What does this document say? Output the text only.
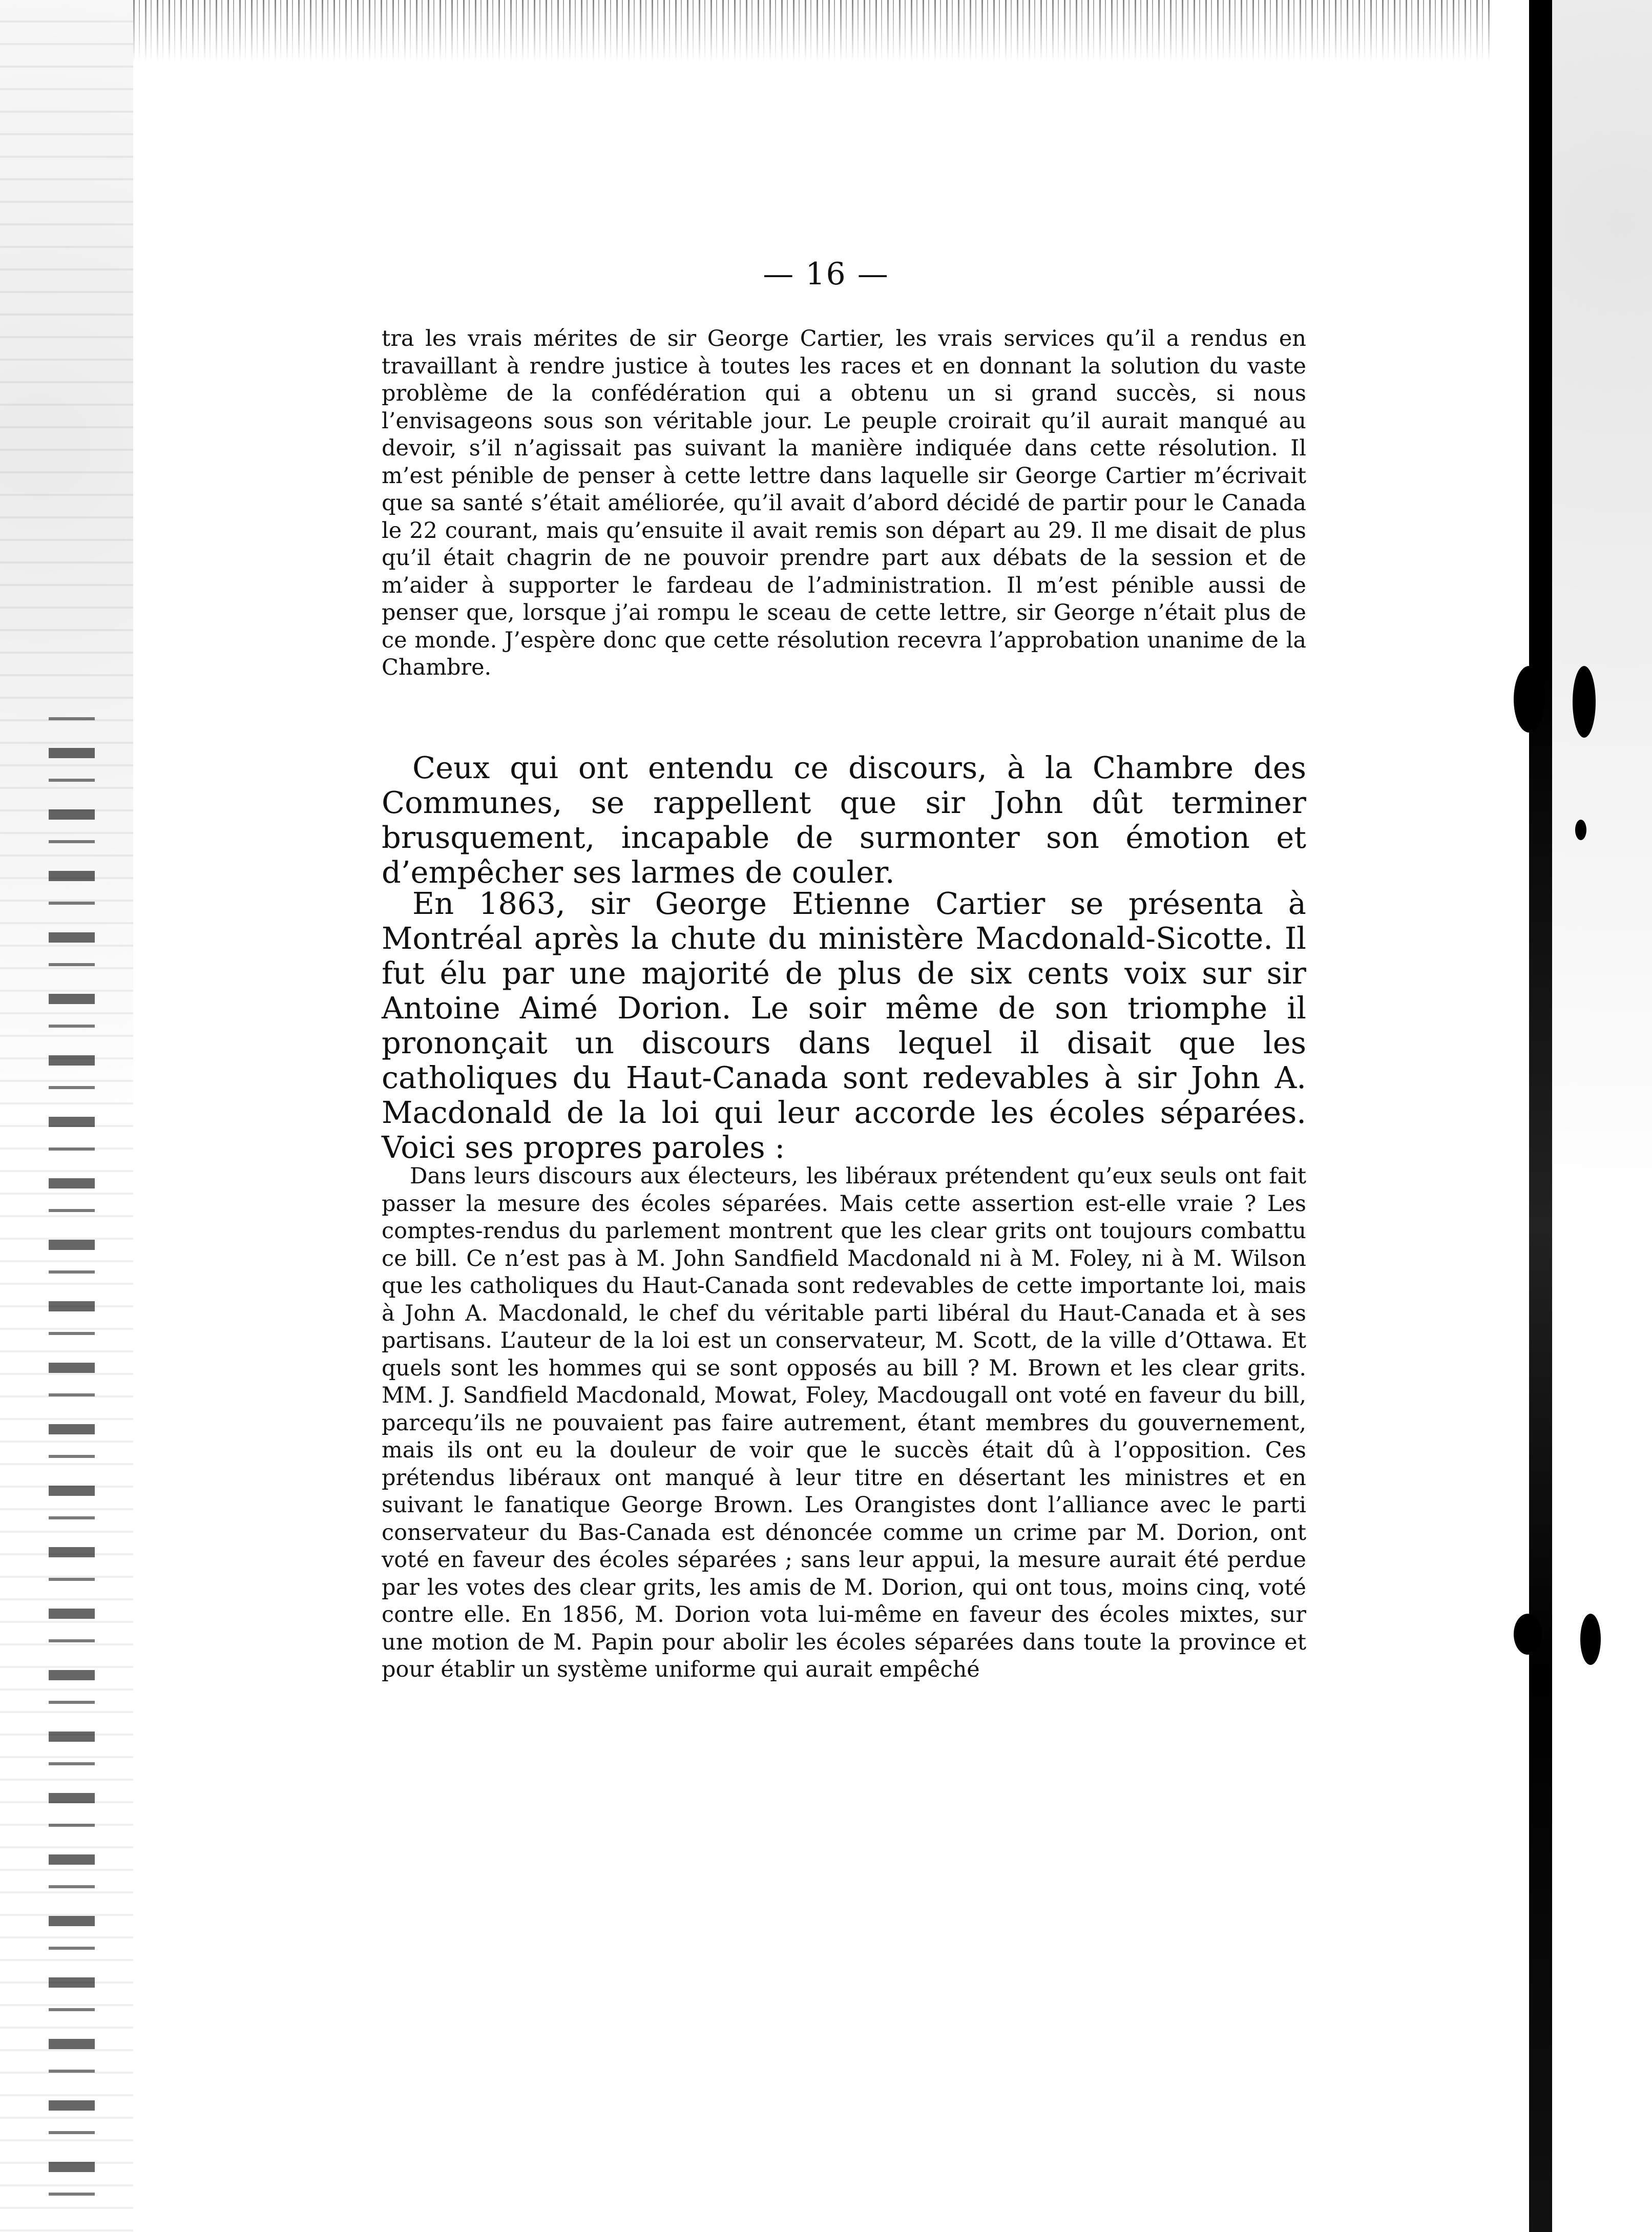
— 16 —

tra les vrais mérites de sir George Cartier, les vrais services qu’il a rendus en travaillant à rendre justice à toutes les races et en donnant la solution du vaste problème de la confédération qui a obtenu un si grand succès, si nous l’envisageons sous son véritable jour. Le peuple croirait qu’il aurait manqué au devoir, s’il n’agissait pas suivant la manière indiquée dans cette résolution. Il m’est pénible de penser à cette lettre dans laquelle sir George Cartier m’écrivait que sa santé s’était améliorée, qu’il avait d’abord décidé de partir pour le Canada le 22 courant, mais qu’ensuite il avait remis son départ au 29. Il me disait de plus qu’il était chagrin de ne pouvoir prendre part aux débats de la session et de m’aider à supporter le fardeau de l’administration. Il m’est pénible aussi de penser que, lorsque j’ai rompu le sceau de cette lettre, sir George n’était plus de ce monde. J’espère donc que cette résolution recevra l’approbation unanime de la Chambre.

Ceux qui ont entendu ce discours, à la Chambre des Communes, se rappellent que sir John dût terminer brusquement, incapable de surmonter son émotion et d’empêcher ses larmes de couler.

En 1863, sir George Etienne Cartier se présenta à Montréal après la chute du ministère Macdonald-Sicotte. Il fut élu par une majorité de plus de six cents voix sur sir Antoine Aimé Dorion. Le soir même de son triomphe il prononçait un discours dans lequel il disait que les catholiques du Haut-Canada sont redevables à sir John A. Macdonald de la loi qui leur accorde les écoles séparées. Voici ses propres paroles :

Dans leurs discours aux électeurs, les libéraux prétendent qu’eux seuls ont fait passer la mesure des écoles séparées. Mais cette assertion est-elle vraie ? Les comptes-rendus du parlement montrent que les clear grits ont toujours combattu ce bill. Ce n’est pas à M. John Sandfield Macdonald ni à M. Foley, ni à M. Wilson que les catholiques du Haut-Canada sont redevables de cette importante loi, mais à John A. Macdonald, le chef du véritable parti libéral du Haut-Canada et à ses partisans. L’auteur de la loi est un conservateur, M. Scott, de la ville d’Ottawa. Et quels sont les hommes qui se sont opposés au bill ? M. Brown et les clear grits. MM. J. Sandfield Macdonald, Mowat, Foley, Macdougall ont voté en faveur du bill, parcequ’ils ne pouvaient pas faire autrement, étant membres du gouvernement, mais ils ont eu la douleur de voir que le succès était dû à l’opposition. Ces prétendus libéraux ont manqué à leur titre en désertant les ministres et en suivant le fanatique George Brown. Les Orangistes dont l’alliance avec le parti conservateur du Bas-Canada est dénoncée comme un crime par M. Dorion, ont voté en faveur des écoles séparées ; sans leur appui, la mesure aurait été perdue par les votes des clear grits, les amis de M. Dorion, qui ont tous, moins cinq, voté contre elle. En 1856, M. Dorion vota lui-même en faveur des écoles mixtes, sur une motion de M. Papin pour abolir les écoles séparées dans toute la province et pour établir un système uniforme qui aurait empêché
